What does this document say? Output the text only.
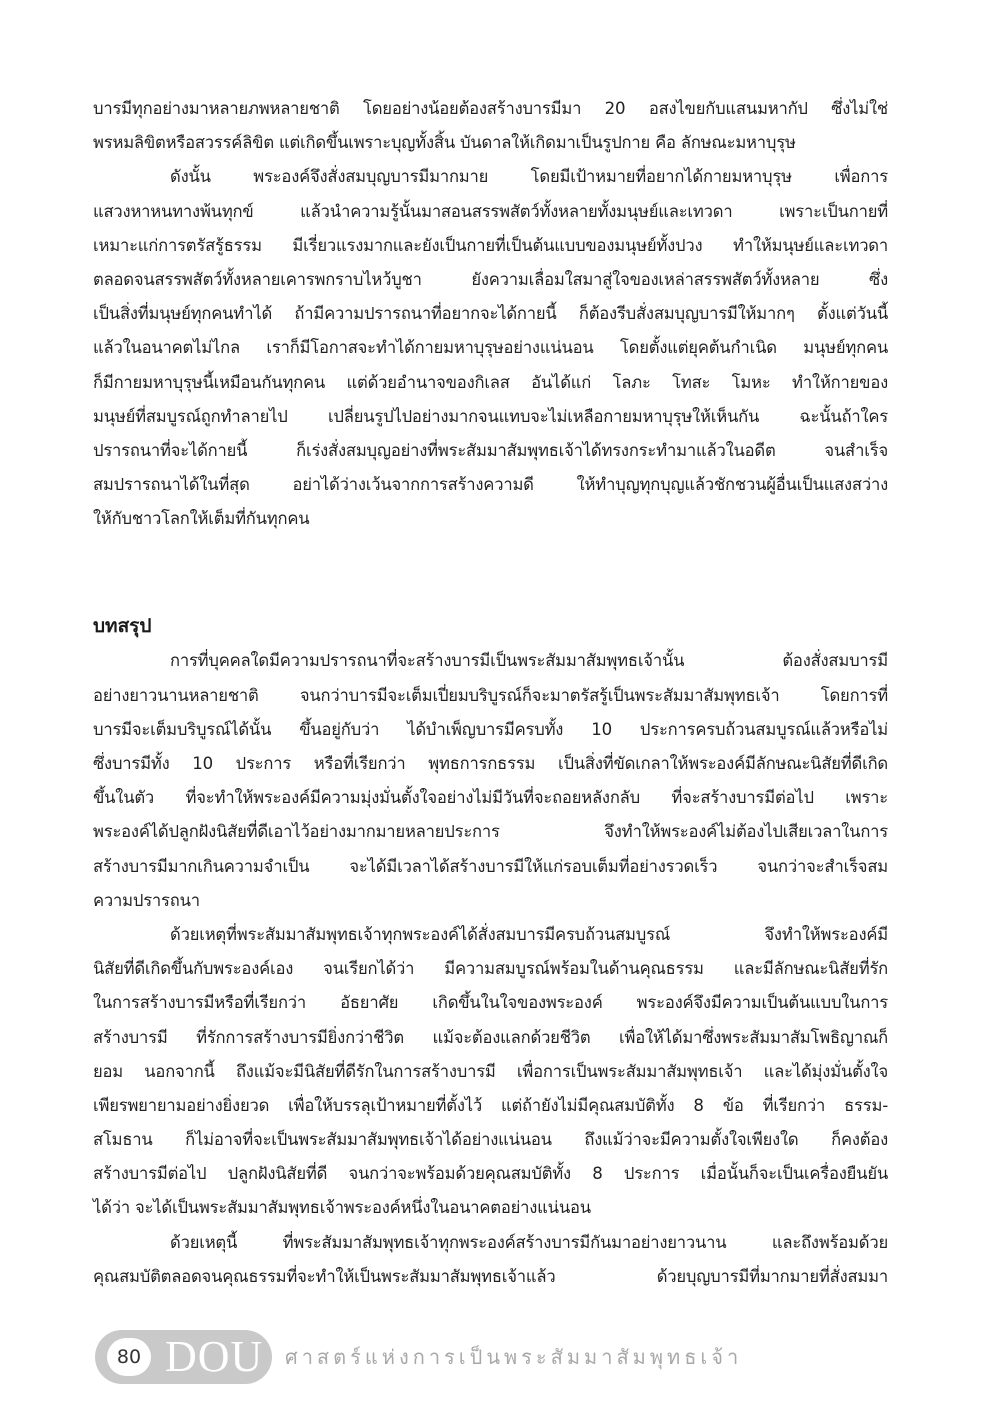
บารมีทุกอย่างมาหลายภพหลายชาติ โดยอย่างน้อยต้องสร้างบารมีมา 20 อสงไขยกับแสนมหากัป ซึ่งไม่ใช่
พรหมลิขิตหรือสวรรค์ลิขิต แต่เกิดขึ้นเพราะบุญทั้งสิ้น บันดาลให้เกิดมาเป็นรูปกาย คือ ลักษณะมหาบุรุษ
ดังนั้น พระองค์จึงสั่งสมบุญบารมีมากมาย โดยมีเป้าหมายที่อยากได้กายมหาบุรุษ เพื่อการ
แสวงหาหนทางพ้นทุกข์ แล้วนำความรู้นั้นมาสอนสรรพสัตว์ทั้งหลายทั้งมนุษย์และเทวดา เพราะเป็นกายที่
เหมาะแก่การตรัสรู้ธรรม มีเรี่ยวแรงมากและยังเป็นกายที่เป็นต้นแบบของมนุษย์ทั้งปวง ทำให้มนุษย์และเทวดา
ตลอดจนสรรพสัตว์ทั้งหลายเคารพกราบไหว้บูชา ยังความเลื่อมใสมาสู่ใจของเหล่าสรรพสัตว์ทั้งหลาย ซึ่ง
เป็นสิ่งที่มนุษย์ทุกคนทำได้ ถ้ามีความปรารถนาที่อยากจะได้กายนี้ ก็ต้องรีบสั่งสมบุญบารมีให้มากๆ ตั้งแต่วันนี้
แล้วในอนาคตไม่ไกล เราก็มีโอกาสจะทำได้กายมหาบุรุษอย่างแน่นอน โดยตั้งแต่ยุคต้นกำเนิด มนุษย์ทุกคน
ก็มีกายมหาบุรุษนี้เหมือนกันทุกคน แต่ด้วยอำนาจของกิเลส อันได้แก่ โลภะ โทสะ โมหะ ทำให้กายของ
มนุษย์ที่สมบูรณ์ถูกทำลายไป เปลี่ยนรูปไปอย่างมากจนแทบจะไม่เหลือกายมหาบุรุษให้เห็นกัน ฉะนั้นถ้าใคร
ปรารถนาที่จะได้กายนี้ ก็เร่งสั่งสมบุญอย่างที่พระสัมมาสัมพุทธเจ้าได้ทรงกระทำมาแล้วในอดีต จนสำเร็จ
สมปรารถนาได้ในที่สุด อย่าได้ว่างเว้นจากการสร้างความดี ให้ทำบุญทุกบุญแล้วชักชวนผู้อื่นเป็นแสงสว่าง
ให้กับชาวโลกให้เต็มที่กันทุกคน
บทสรุป
การที่บุคคลใดมีความปรารถนาที่จะสร้างบารมีเป็นพระสัมมาสัมพุทธเจ้านั้น ต้องสั่งสมบารมี
อย่างยาวนานหลายชาติ จนกว่าบารมีจะเต็มเปี่ยมบริบูรณ์ก็จะมาตรัสรู้เป็นพระสัมมาสัมพุทธเจ้า โดยการที่
บารมีจะเต็มบริบูรณ์ได้นั้น ขึ้นอยู่กับว่า ได้บำเพ็ญบารมีครบทั้ง 10 ประการครบถ้วนสมบูรณ์แล้วหรือไม่
ซึ่งบารมีทั้ง 10 ประการ หรือที่เรียกว่า พุทธการกธรรม เป็นสิ่งที่ขัดเกลาให้พระองค์มีลักษณะนิสัยที่ดีเกิด
ขึ้นในตัว ที่จะทำให้พระองค์มีความมุ่งมั่นตั้งใจอย่างไม่มีวันที่จะถอยหลังกลับ ที่จะสร้างบารมีต่อไป เพราะ
พระองค์ได้ปลูกฝังนิสัยที่ดีเอาไว้อย่างมากมายหลายประการ จึงทำให้พระองค์ไม่ต้องไปเสียเวลาในการ
สร้างบารมีมากเกินความจำเป็น จะได้มีเวลาได้สร้างบารมีให้แก่รอบเต็มที่อย่างรวดเร็ว จนกว่าจะสำเร็จสม
ความปรารถนา
ด้วยเหตุที่พระสัมมาสัมพุทธเจ้าทุกพระองค์ได้สั่งสมบารมีครบถ้วนสมบูรณ์ จึงทำให้พระองค์มี
นิสัยที่ดีเกิดขึ้นกับพระองค์เอง จนเรียกได้ว่า มีความสมบูรณ์พร้อมในด้านคุณธรรม และมีลักษณะนิสัยที่รัก
ในการสร้างบารมีหรือที่เรียกว่า อัธยาศัย เกิดขึ้นในใจของพระองค์ พระองค์จึงมีความเป็นต้นแบบในการ
สร้างบารมี ที่รักการสร้างบารมียิ่งกว่าชีวิต แม้จะต้องแลกด้วยชีวิต เพื่อให้ได้มาซึ่งพระสัมมาสัมโพธิญาณก็
ยอม นอกจากนี้ ถึงแม้จะมีนิสัยที่ดีรักในการสร้างบารมี เพื่อการเป็นพระสัมมาสัมพุทธเจ้า และได้มุ่งมั่นตั้งใจ
เพียรพยายามอย่างยิ่งยวด เพื่อให้บรรลุเป้าหมายที่ตั้งไว้ แต่ถ้ายังไม่มีคุณสมบัติทั้ง 8 ข้อ ที่เรียกว่า ธรรม-
สโมธาน ก็ไม่อาจที่จะเป็นพระสัมมาสัมพุทธเจ้าได้อย่างแน่นอน ถึงแม้ว่าจะมีความตั้งใจเพียงใด ก็คงต้อง
สร้างบารมีต่อไป ปลูกฝังนิสัยที่ดี จนกว่าจะพร้อมด้วยคุณสมบัติทั้ง 8 ประการ เมื่อนั้นก็จะเป็นเครื่องยืนยัน
ได้ว่า จะได้เป็นพระสัมมาสัมพุทธเจ้าพระองค์หนึ่งในอนาคตอย่างแน่นอน
ด้วยเหตุนี้ ที่พระสัมมาสัมพุทธเจ้าทุกพระองค์สร้างบารมีกันมาอย่างยาวนาน และถึงพร้อมด้วย
คุณสมบัติตลอดจนคุณธรรมที่จะทำให้เป็นพระสัมมาสัมพุทธเจ้าแล้ว ด้วยบุญบารมีที่มากมายที่สั่งสมมา
80 DOU ศาสตร์แห่งการเป็นพระสัมมาสัมพุทธเจ้า
